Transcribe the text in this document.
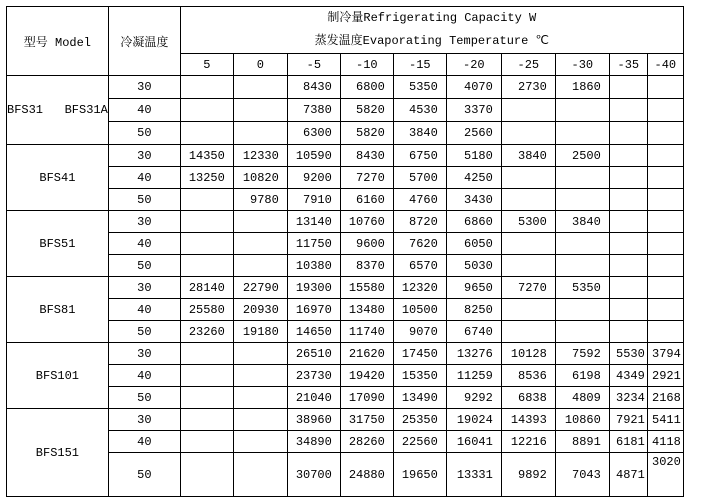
型号 Model	冷凝温度	制冷量Refrigerating Capacity W
蒸发温度Evaporating Temperature ℃									

		5	0	-5	-10	-15	-20	-25	-30	-35	-40
BFS31   BFS31A	30			8430	6800	5350	4070	2730	1860		
	40			7380	5820	4530	3370				
	50			6300	5820	3840	2560				
BFS41	30	14350	12330	10590	8430	6750	5180	3840	2500		
	40	13250	10820	9200	7270	5700	4250				
	50		9780	7910	6160	4760	3430				
BFS51	30			13140	10760	8720	6860	5300	3840		
	40			11750	9600	7620	6050				
	50			10380	8370	6570	5030				
BFS81	30	28140	22790	19300	15580	12320	9650	7270	5350		
	40	25580	20930	16970	13480	10500	8250				
	50	23260	19180	14650	11740	9070	6740				
BFS101	30			26510	21620	17450	13276	10128	7592	5530	3794
	40			23730	19420	15350	11259	8536	6198	4349	2921
	50			21040	17090	13490	9292	6838	4809	3234	2168
BFS151	30			38960	31750	25350	19024	14393	10860	7921	5411
	40			34890	28260	22560	16041	12216	8891	6181	4118
	50			30700	24880	19650	13331	9892	7043	4871	3020
